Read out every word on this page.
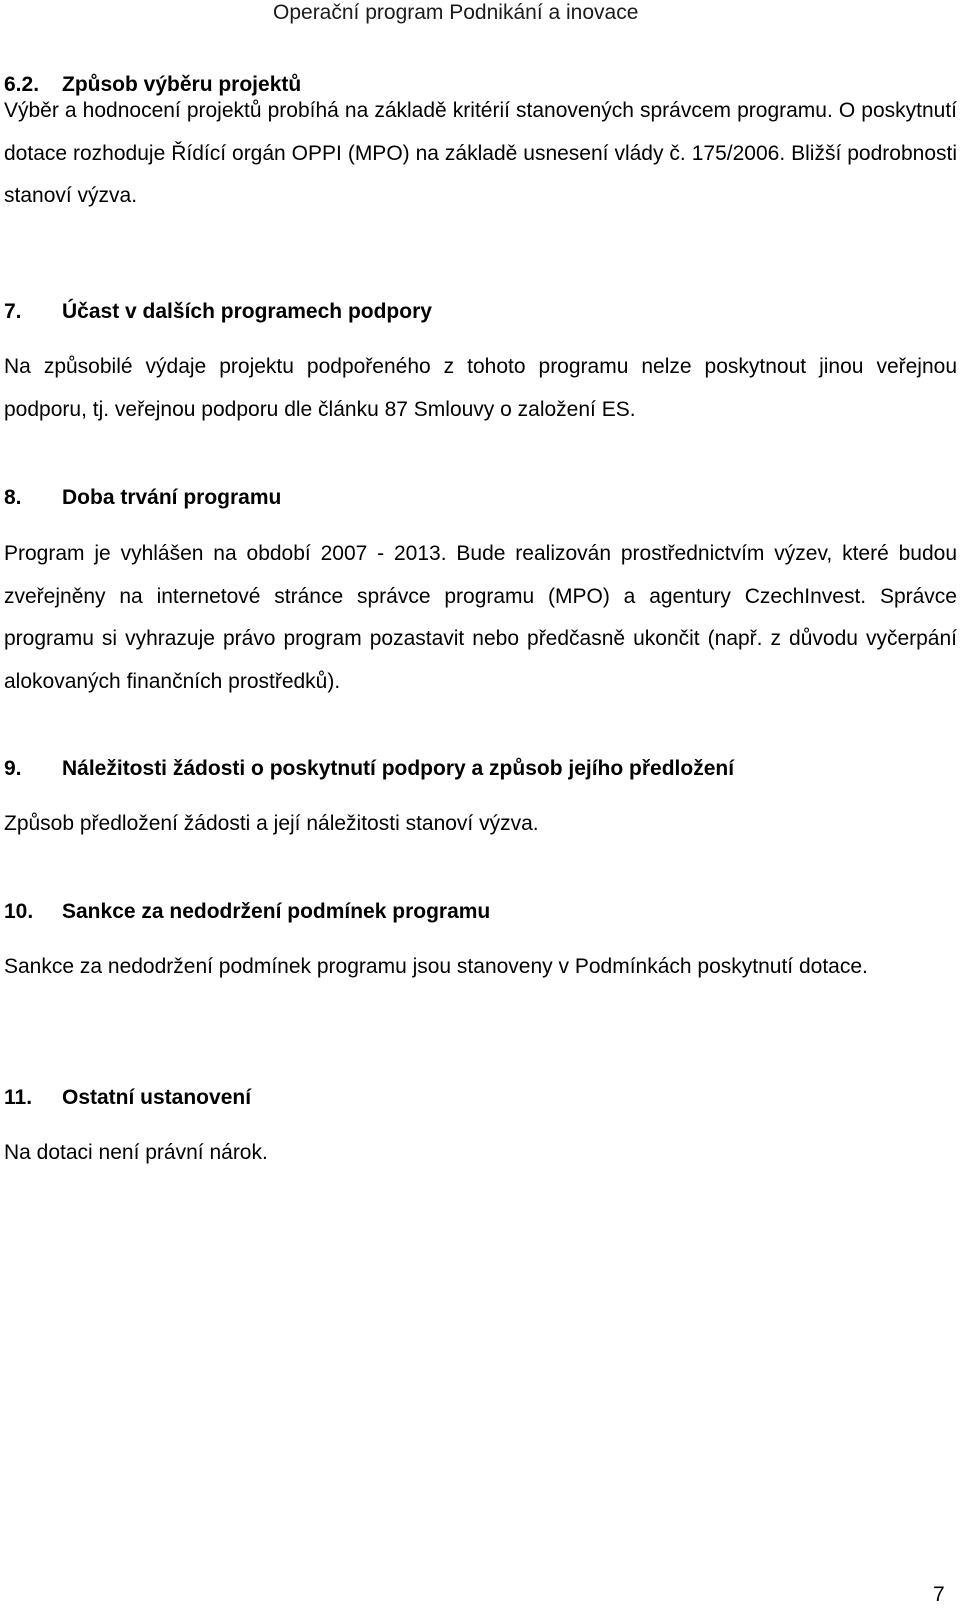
Operační program Podnikání a inovace
6.2. Způsob výběru projektů
Výběr a hodnocení projektů probíhá na základě kritérií stanovených správcem programu. O poskytnutí dotace rozhoduje Řídící orgán OPPI (MPO) na základě usnesení vlády č. 175/2006. Bližší podrobnosti stanoví výzva.
7. Účast v dalších programech podpory
Na způsobilé výdaje projektu podpořeného z tohoto programu nelze poskytnout jinou veřejnou podporu, tj. veřejnou podporu dle článku 87 Smlouvy o založení ES.
8. Doba trvání programu
Program je vyhlášen na období 2007 - 2013. Bude realizován prostřednictvím výzev, které budou zveřejněny na internetové stránce správce programu (MPO) a agentury CzechInvest. Správce programu si vyhrazuje právo program pozastavit nebo předčasně ukončit (např. z důvodu vyčerpání alokovaných finančních prostředků).
9. Náležitosti žádosti o poskytnutí podpory a způsob jejího předložení
Způsob předložení žádosti a její náležitosti stanoví výzva.
10. Sankce za nedodržení podmínek programu
Sankce za nedodržení podmínek programu jsou stanoveny v Podmínkách poskytnutí dotace.
11. Ostatní ustanovení
Na dotaci není právní nárok.
7
